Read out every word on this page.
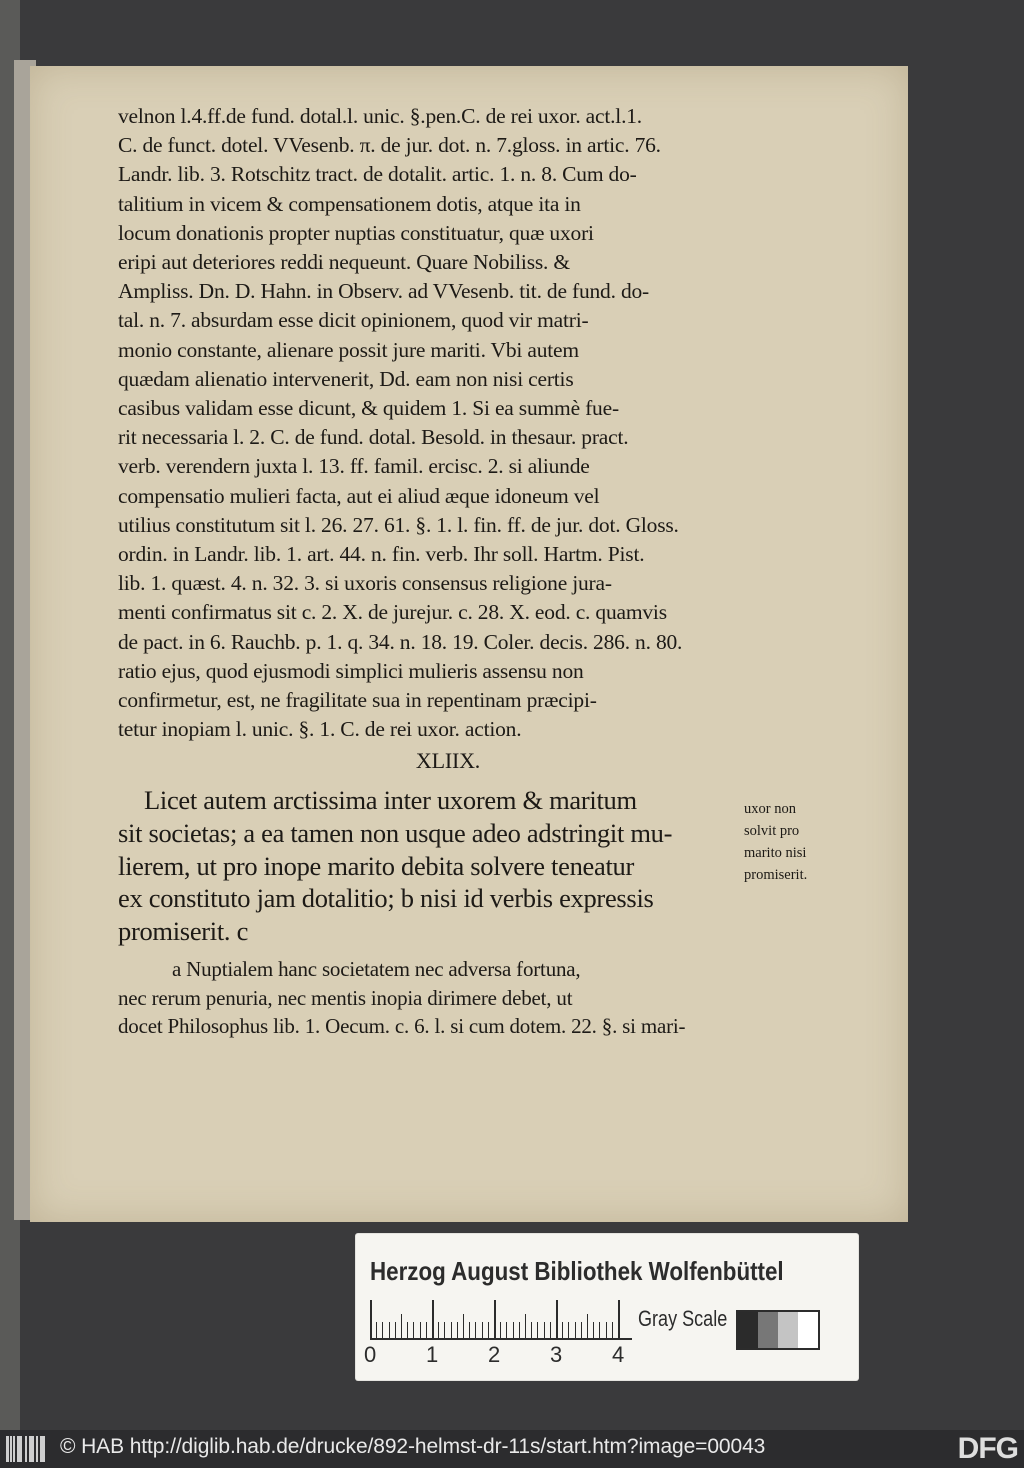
velnon l.4.ff.de fund. dotal.l. unic. §.pen.C. de rei uxor. act.l.1.
C. de funct. dotel. VVesenb. π. de jur. dot. n. 7.gloss. in artic. 76.
Landr. lib. 3. Rotschitz tract. de dotalit. artic. 1. n. 8. Cum do-
talitium in vicem & compensationem dotis, atque ita in
locum donationis propter nuptias constituatur, quæ uxori
eripi aut deteriores reddi nequeunt. Quare Nobiliss. &
Ampliss. Dn. D. Hahn. in Observ. ad VVesenb. tit. de fund. do-
tal. n. 7. absurdam esse dicit opinionem, quod vir matri-
monio constante, alienare possit jure mariti. Vbi autem
quædam alienatio intervenerit, Dd. eam non nisi certis
casibus validam esse dicunt, & quidem 1. Si ea summè fue-
rit necessaria l. 2. C. de fund. dotal. Besold. in thesaur. pract.
verb. verendern juxta l. 13. ff. famil. ercisc. 2. si aliunde
compensatio mulieri facta, aut ei aliud æque idoneum vel
utilius constitutum sit l. 26. 27. 61. §. 1. l. fin. ff. de jur. dot. Gloss.
ordin. in Landr. lib. 1. art. 44. n. fin. verb. Ihr soll. Hartm. Pist.
lib. 1. quæst. 4. n. 32. 3. si uxoris consensus religione jura-
menti confirmatus sit c. 2. X. de jurejur. c. 28. X. eod. c. quamvis
de pact. in 6. Rauchb. p. 1. q. 34. n. 18. 19. Coler. decis. 286. n. 80.
ratio ejus, quod ejusmodi simplici mulieris assensu non
confirmetur, est, ne fragilitate sua in repentinam præcipi-
tetur inopiam l. unic. §. 1. C. de rei uxor. action.
XLIIX.
Licet autem arctissima inter uxorem & maritum
sit societas; a ea tamen non usque adeo adstringit mu-
lierem, ut pro inope marito debita solvere teneatur
ex constituto jam dotalitio; b nisi id verbis expressis
promiserit. c
a Nuptialem hanc societatem nec adversa fortuna,
nec rerum penuria, nec mentis inopia dirimere debet, ut
docet Philosophus lib. 1. Oecum. c. 6. l. si cum dotem. 22. §. si mari-
uxor non
solvit pro
marito nisi
promiserit.
Herzog August Bibliothek Wolfenbüttel
0 1 2 3 4
Gray Scale
© HAB http://diglib.hab.de/drucke/892-helmst-dr-11s/start.htm?image=00043	DFG
